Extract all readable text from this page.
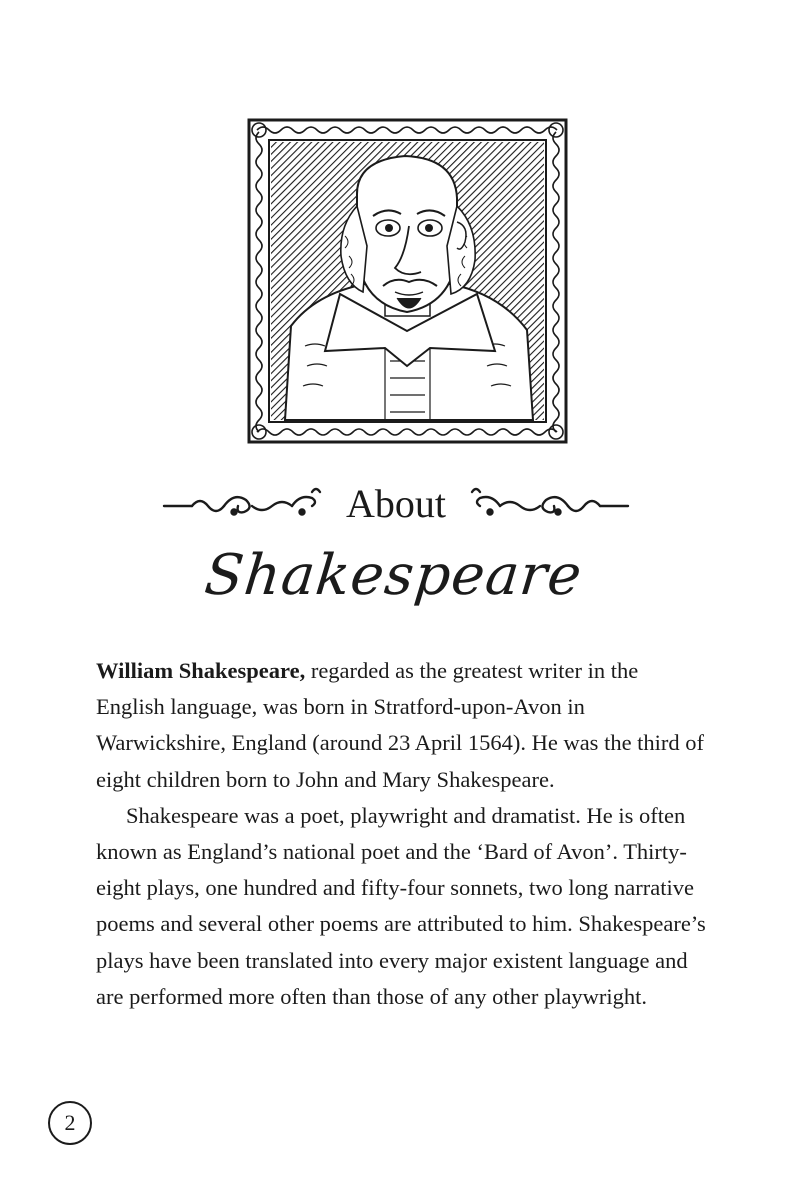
About
Shakespeare

William Shakespeare, regarded as the greatest writer in the English language, was born in Stratford-upon-Avon in Warwickshire, England (around 23 April 1564). He was the third of eight children born to John and Mary Shakespeare.

Shakespeare was a poet, playwright and dramatist. He is often known as England’s national poet and the ‘Bard of Avon’. Thirty-eight plays, one hundred and fifty-four sonnets, two long narrative poems and several other poems are attributed to him. Shakespeare’s plays have been translated into every major existent language and are performed more often than those of any other playwright.

2
